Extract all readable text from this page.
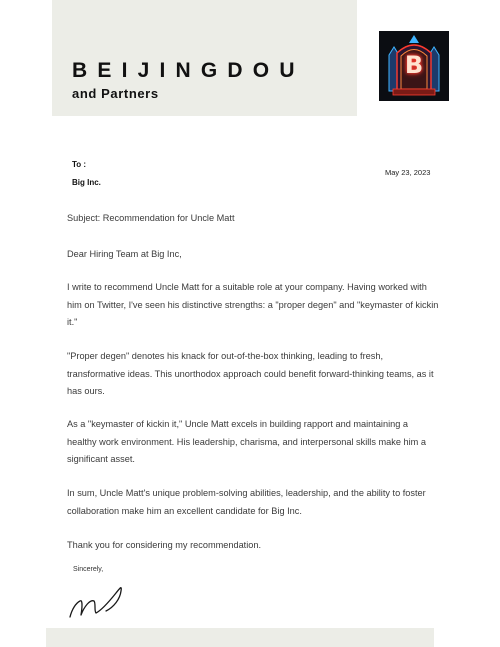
BEIJINGDOU
and Partners
B
To :
Big Inc.
May 23, 2023

Subject: Recommendation for Uncle Matt

Dear Hiring Team at Big Inc,

I write to recommend Uncle Matt for a suitable role at your company. Having worked with him on Twitter, I've seen his distinctive strengths: a "proper degen" and "keymaster of kickin it."

"Proper degen" denotes his knack for out-of-the-box thinking, leading to fresh, transformative ideas. This unorthodox approach could benefit forward-thinking teams, as it has ours.

As a "keymaster of kickin it," Uncle Matt excels in building rapport and maintaining a healthy work environment. His leadership, charisma, and interpersonal skills make him a significant asset.

In sum, Uncle Matt's unique problem-solving abilities, leadership, and the ability to foster collaboration make him an excellent candidate for Big Inc.

Thank you for considering my recommendation.

Sincerely,
